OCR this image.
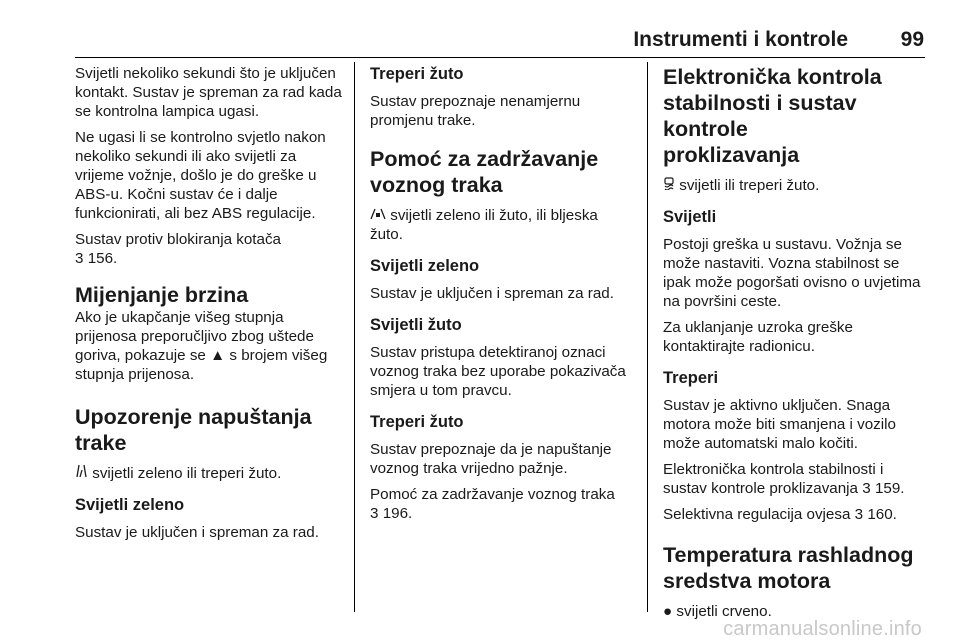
Instrumenti i kontrole	99

Svijetli nekoliko sekundi što je uključen kontakt. Sustav je spreman za rad kada se kontrolna lampica ugasi.

Ne ugasi li se kontrolno svjetlo nakon nekoliko sekundi ili ako svijetli za vrijeme vožnje, došlo je do greške u ABS-u. Kočni sustav će i dalje funkcionirati, ali bez ABS regulacije.

Sustav protiv blokiranja kotača
3 156.

Mijenjanje brzina

Ako je ukapčanje višeg stupnja prijenosa preporučljivo zbog uštede goriva, pokazuje se ▲ s brojem višeg stupnja prijenosa.

Upozorenje napuštanja
trake

svijetli zeleno ili treperi žuto.

Svijetli zeleno

Sustav je uključen i spreman za rad.

Treperi žuto

Sustav prepoznaje nenamjernu promjenu trake.

Pomoć za zadržavanje
voznog traka

svijetli zeleno ili žuto, ili bljeska žuto.

Svijetli zeleno

Sustav je uključen i spreman za rad.

Svijetli žuto

Sustav pristupa detektiranoj oznaci voznog traka bez uporabe pokazivača smjera u tom pravcu.

Treperi žuto

Sustav prepoznaje da je napuštanje voznog traka vrijedno pažnje.

Pomoć za zadržavanje voznog traka
3 196.

Elektronička kontrola
stabilnosti i sustav kontrole
proklizavanja

svijetli ili treperi žuto.

Svijetli

Postoji greška u sustavu. Vožnja se može nastaviti. Vozna stabilnost se ipak može pogoršati ovisno o uvjetima na površini ceste.

Za uklanjanje uzroka greške kontaktirajte radionicu.

Treperi

Sustav je aktivno uključen. Snaga motora može biti smanjena i vozilo može automatski malo kočiti.

Elektronička kontrola stabilnosti i sustav kontrole proklizavanja 3 159.

Selektivna regulacija ovjesa 3 160.

Temperatura rashladnog
sredstva motora

● svijetli crveno.

carmanualsonline.info
